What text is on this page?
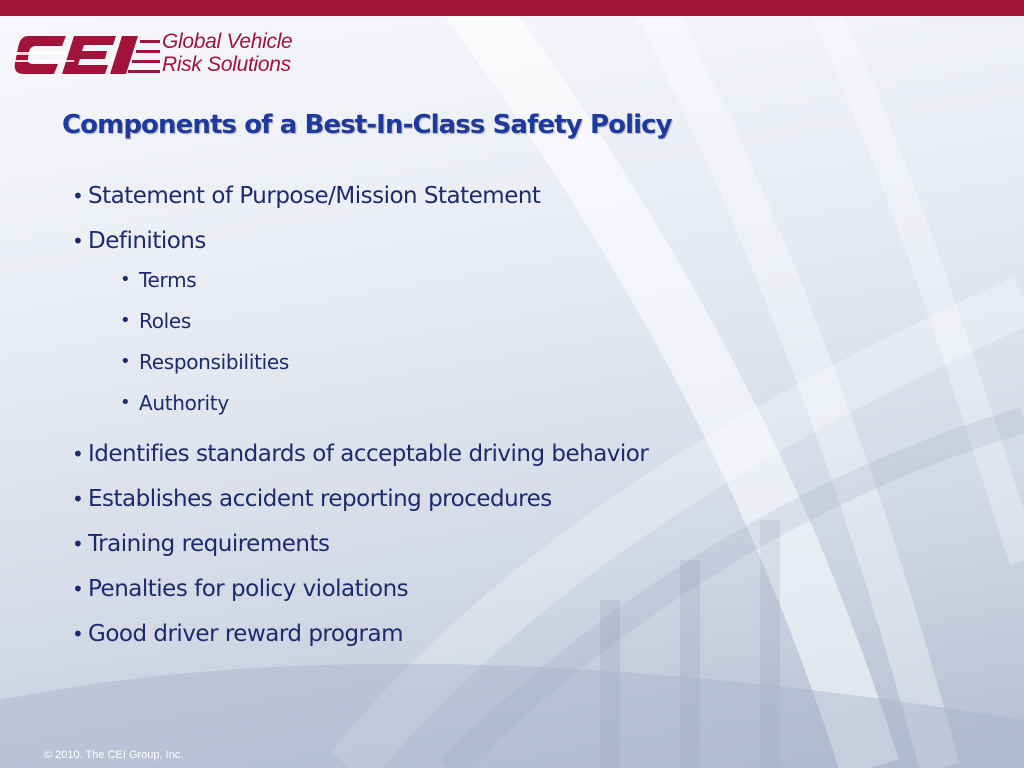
Global Vehicle
Risk Solutions
Components of a Best-In-Class Safety Policy
• Statement of Purpose/Mission Statement
• Definitions
• Terms
• Roles
• Responsibilities
• Authority
• Identifies standards of acceptable driving behavior
• Establishes accident reporting procedures
• Training requirements
• Penalties for policy violations
• Good driver reward program
© 2010. The CEI Group, Inc.
